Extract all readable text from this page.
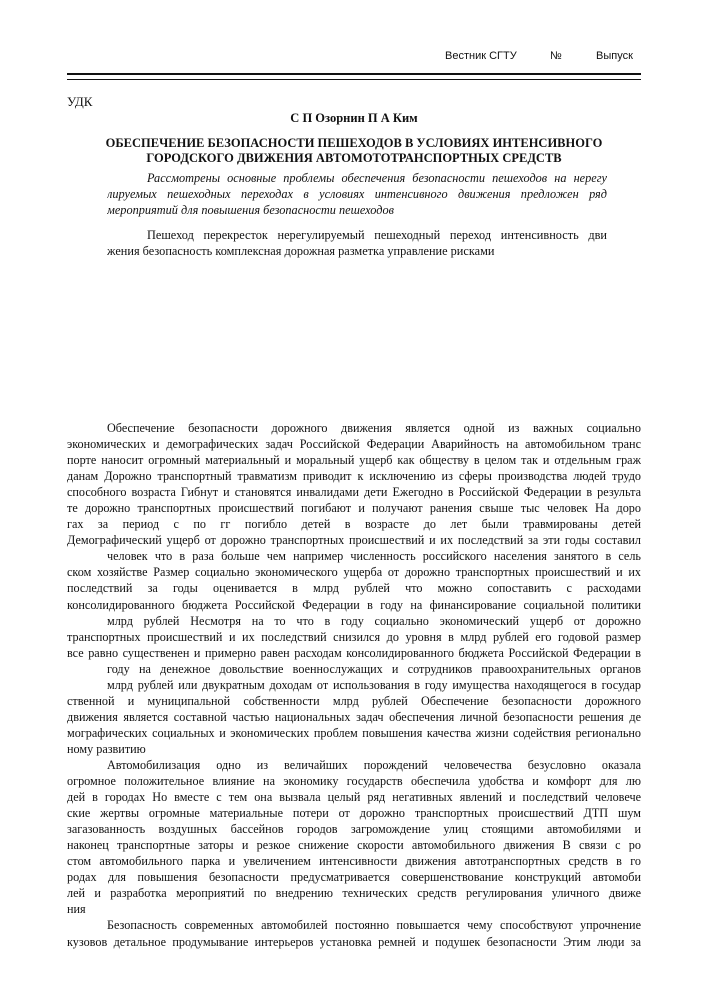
Вестник СГТУ	№	Выпуск
УДК
С П Озорнин П А Ким
ОБЕСПЕЧЕНИЕ БЕЗОПАСНОСТИ ПЕШЕХОДОВ В УСЛОВИЯХ ИНТЕНСИВНОГО
ГОРОДСКОГО ДВИЖЕНИЯ АВТОМОТОТРАНСПОРТНЫХ СРЕДСТВ
Рассмотрены основные проблемы обеспечения безопасности пешеходов на нерегу
лируемых пешеходных переходах в условиях интенсивного движения предложен ряд
мероприятий для повышения безопасности пешеходов
Пешеход перекресток нерегулируемый пешеходный переход интенсивность дви
жения безопасность комплексная дорожная разметка управление рисками
Обеспечение безопасности дорожного движения является одной из важных социально
экономических и демографических задач Российской Федерации Аварийность на автомобильном транс
порте наносит огромный материальный и моральный ущерб как обществу в целом так и отдельным граж
данам Дорожно транспортный травматизм приводит к исключению из сферы производства людей трудо
способного возраста Гибнут и становятся инвалидами дети Ежегодно в Российской Федерации в результа
те дорожно транспортных происшествий погибают и получают ранения свыше тыс человек На доро
гах за период с по гг погибло детей в возрасте до лет были травмированы детей
Демографический ущерб от дорожно транспортных происшествий и их последствий за эти годы составил
человек что в раза больше чем например численность российского населения занятого в сель
ском хозяйстве Размер социально экономического ущерба от дорожно транспортных происшествий и их
последствий за годы оценивается в млрд рублей что можно сопоставить с расходами
консолидированного бюджета Российской Федерации в году на финансирование социальной политики
млрд рублей Несмотря на то что в году социально экономический ущерб от дорожно
транспортных происшествий и их последствий снизился до уровня в млрд рублей его годовой размер
все равно существенен и примерно равен расходам консолидированного бюджета Российской Федерации в
году на денежное довольствие военнослужащих и сотрудников правоохранительных органов
млрд рублей или двукратным доходам от использования в году имущества находящегося в государ
ственной и муниципальной собственности млрд рублей Обеспечение безопасности дорожного
движения является составной частью национальных задач обеспечения личной безопасности решения де
мографических социальных и экономических проблем повышения качества жизни содействия регионально
ному развитию
Автомобилизация одно из величайших порождений человечества безусловно оказала
огромное положительное влияние на экономику государств обеспечила удобства и комфорт для лю
дей в городах Но вместе с тем она вызвала целый ряд негативных явлений и последствий человече
ские жертвы огромные материальные потери от дорожно транспортных происшествий ДТП шум
загазованность воздушных бассейнов городов загромождение улиц стоящими автомобилями и
наконец транспортные заторы и резкое снижение скорости автомобильного движения В связи с ро
стом автомобильного парка и увеличением интенсивности движения автотранспортных средств в го
родах для повышения безопасности предусматривается совершенствование конструкций автомоби
лей и разработка мероприятий по внедрению технических средств регулирования уличного движе
ния
Безопасность современных автомобилей постоянно повышается чему способствуют упрочнение
кузовов детальное продумывание интерьеров установка ремней и подушек безопасности Этим люди за
